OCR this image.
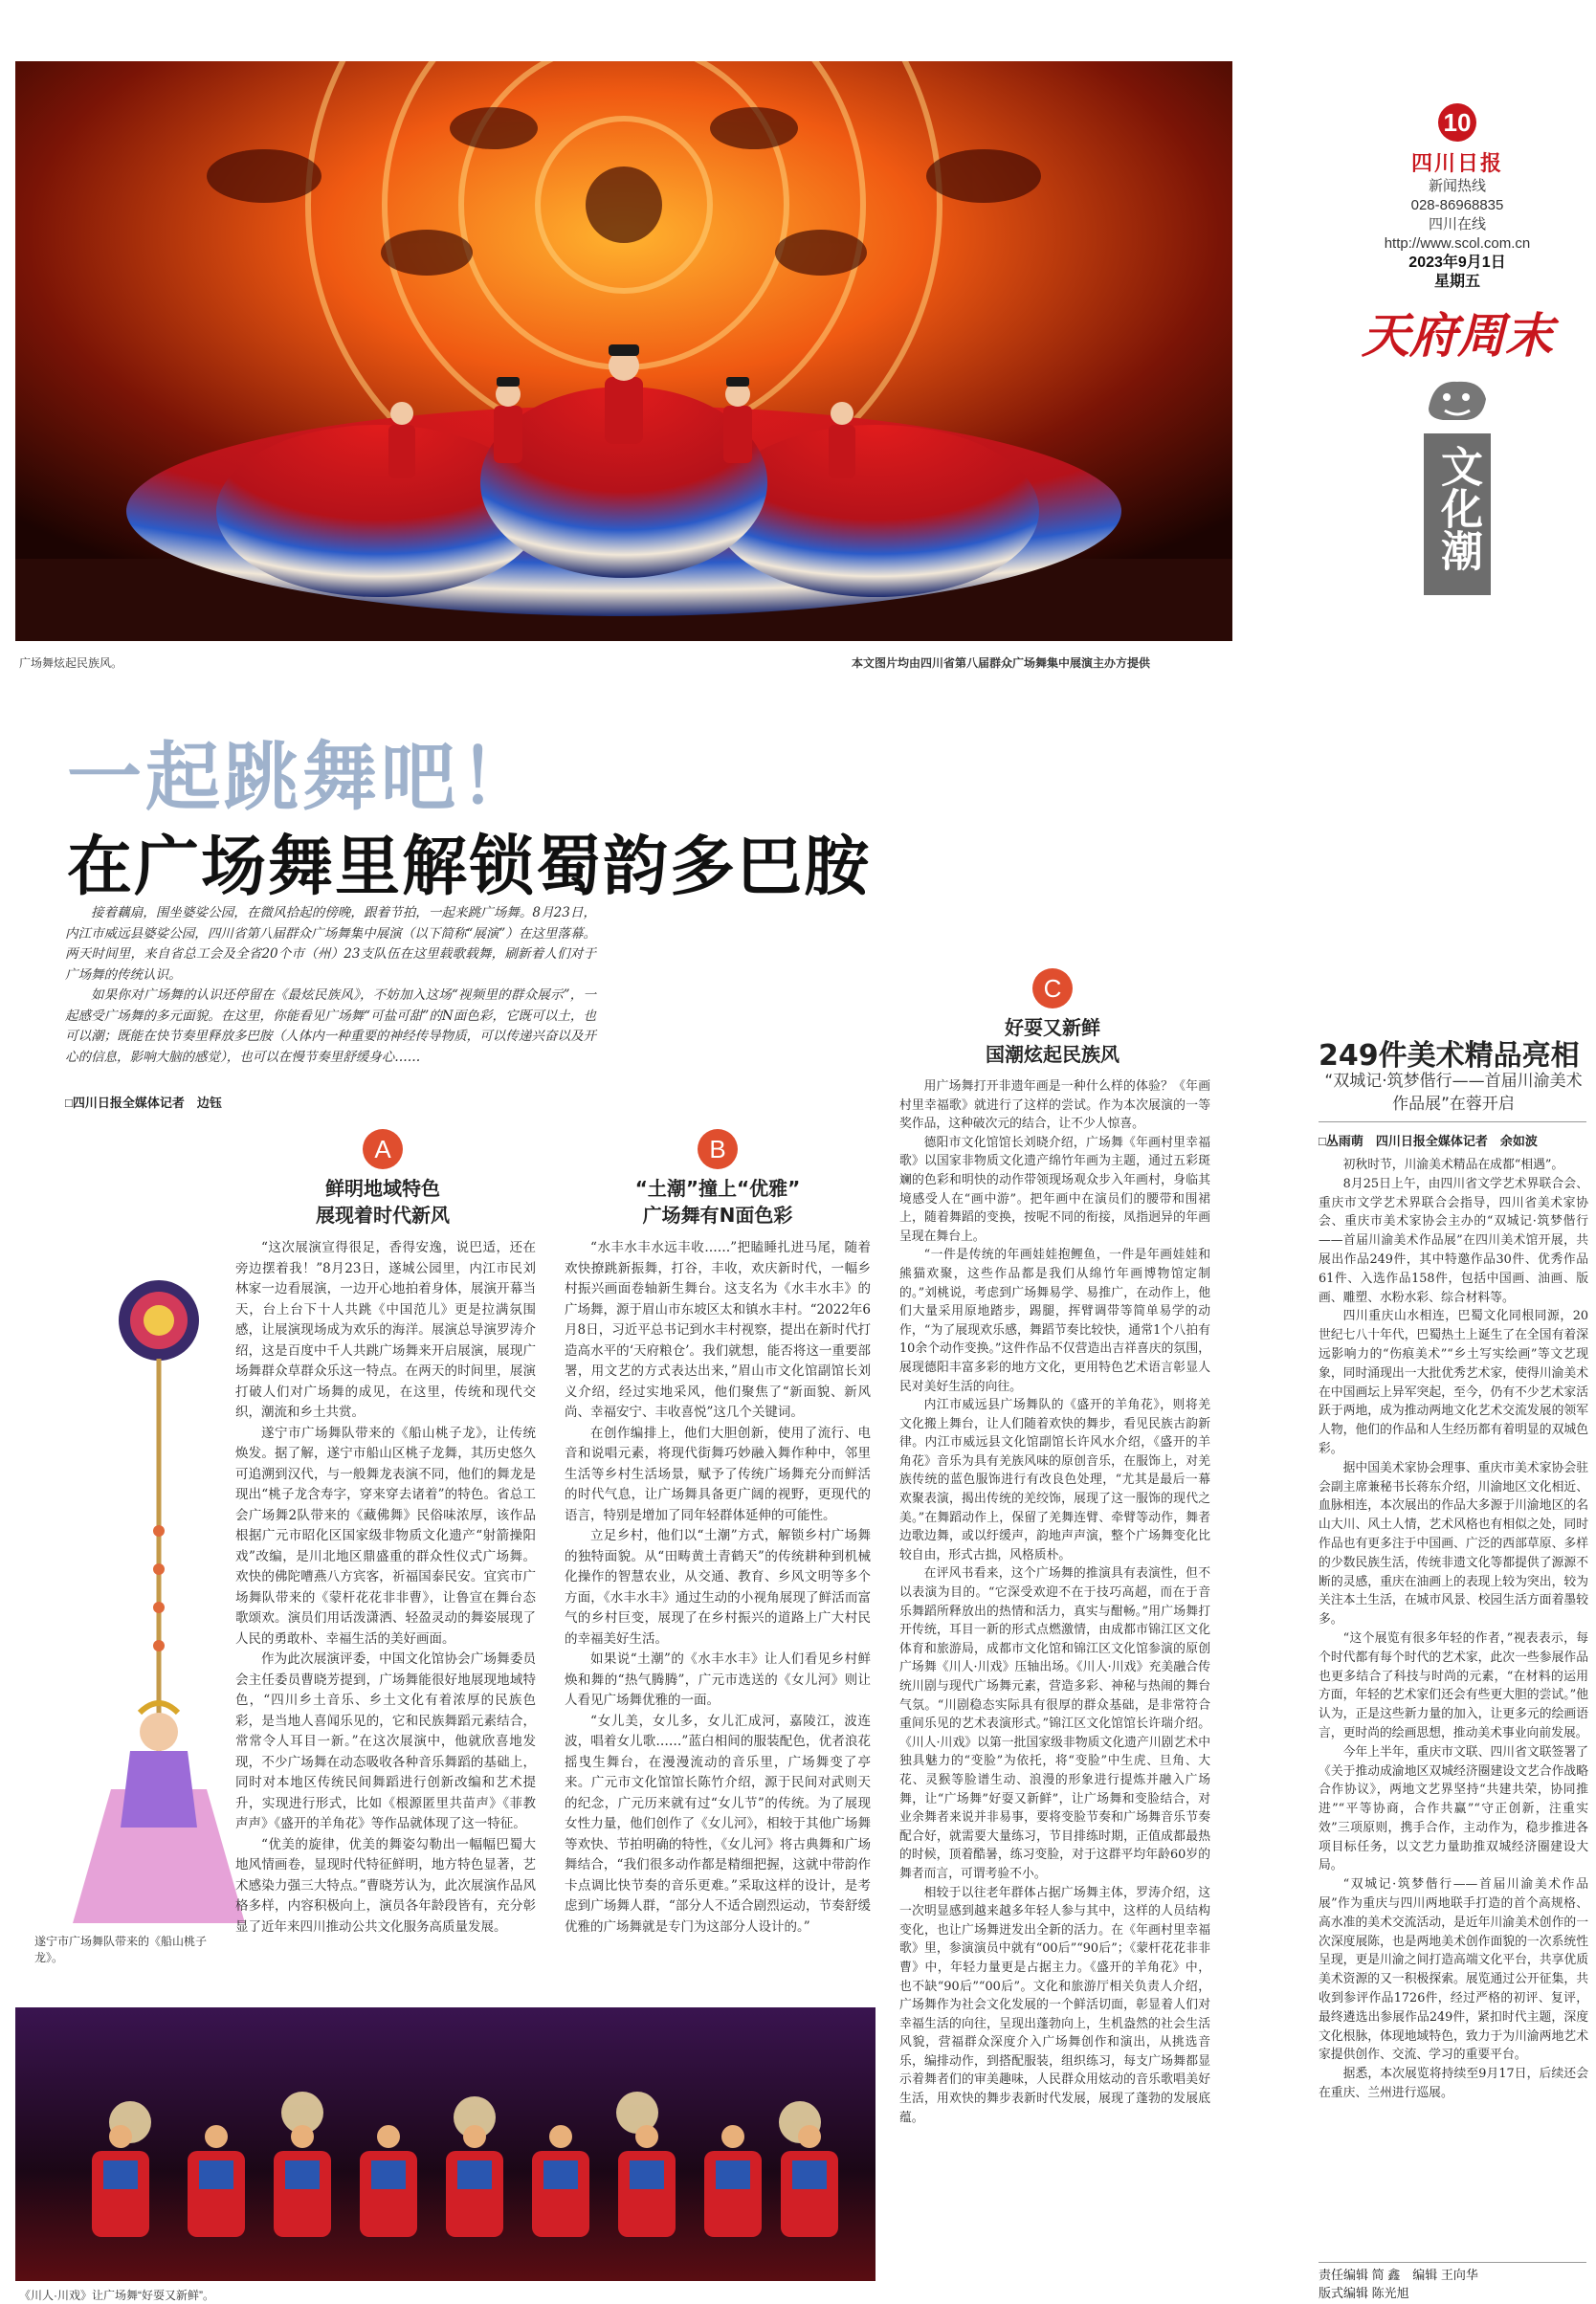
广场舞炫起民族风。	本文图片均由四川省第八届群众广场舞集中展演主办方提供
10
四川日报
新闻热线
028-86968835
四川在线
http://www.scol.com.cn
2023年9月1日
星期五
天府周末
文化潮
一起跳舞吧！
在广场舞里解锁蜀韵多巴胺

接着藕扇，围坐婆娑公园，在微风拾起的傍晚，跟着节拍，一起来跳广场舞。8月23日，内江市威远县婆娑公园，四川省第八届群众广场舞集中展演（以下简称“展演”）在这里落幕。两天时间里，来自省总工会及全省20个市（州）23支队伍在这里载歌载舞，刷新着人们对于广场舞的传统认识。

如果你对广场舞的认识还停留在《最炫民族风》，不妨加入这场“视频里的群众展示”，一起感受广场舞的多元面貌。在这里，你能看见广场舞“可盐可甜”的N面色彩，它既可以土，也可以潮；既能在快节奏里释放多巴胺（人体内一种重要的神经传导物质，可以传递兴奋以及开心的信息，影响大脑的感觉），也可以在慢节奏里舒缓身心……

□四川日报全媒体记者　边钰
A
鲜明地域特色
展现着时代新风
遂宁市广场舞队带来的《船山桃子龙》。

“这次展演宣得很足，香得安逸，说巴适，还在旁边摆着我！”8月23日，遂城公园里，内江市民刘林家一边看展演，一边开心地拍着身体，展演开幕当天，台上台下十人共跳《中国范儿》更是拉满氛围感，让展演现场成为欢乐的海洋。展演总导演罗涛介绍，这是百度中千人共跳广场舞来开启展演，展现广场舞群众草群众乐这一特点。在两天的时间里，展演打破人们对广场舞的成见，在这里，传统和现代交织，潮流和乡土共赏。

遂宁市广场舞队带来的《船山桃子龙》，让传统焕发。据了解，遂宁市船山区桃子龙舞，其历史悠久可追溯到汉代，与一般舞龙表演不同，他们的舞龙是现出“桃子龙含寿字，穿来穿去诸着”的特色。省总工会广场舞2队带来的《藏佛舞》民俗味浓厚，该作品根据广元市昭化区国家级非物质文化遗产“射箭操阳戏”改编，是川北地区鼎盛重的群众性仪式广场舞。欢快的佛陀嘈燕八方宾客，祈福国泰民安。宜宾市广场舞队带来的《蒙杆花花非非曹》，让鲁宣在舞台态歌颂欢。演员们用话泼潇洒、轻盈灵动的舞姿展现了人民的勇敢朴、幸福生活的美好画面。

作为此次展演评委，中国文化馆协会广场舞委员会主任委员曹晓芳提到，广场舞能很好地展现地域特色，“四川乡土音乐、乡土文化有着浓厚的民族色彩，是当地人喜闻乐见的，它和民族舞蹈元素结合，常常令人耳目一新。”在这次展演中，他就欣喜地发现，不少广场舞在动态吸收各种音乐舞蹈的基础上，同时对本地区传统民间舞蹈进行创新改编和艺术提升，实现进行形式，比如《根源匿里共苗声》《菲教声声》《盛开的羊角花》等作品就体现了这一特征。

“优美的旋律，优美的舞姿勾勒出一幅幅巴蜀大地风情画卷，显现时代特征鲜明，地方特色显著，艺术感染力强三大特点。”曹晓芳认为，此次展演作品风格多样，内容积极向上，演员各年龄段皆有，充分彰显了近年来四川推动公共文化服务高质量发展。

B
“土潮”撞上“优雅”
广场舞有N面色彩

“水丰水丰水远丰收……”把瞌睡扎进马尾，随着欢快撩跳新振舞，打谷，丰收，欢庆新时代，一幅乡村振兴画面卷轴新生舞台。这支名为《水丰水丰》的广场舞，源于眉山市东坡区太和镇水丰村。“2022年6月8日，习近平总书记到水丰村视察，提出在新时代打造高水平的‘天府粮仓’。我们就想，能否将这一重要部署，用文艺的方式表达出来，”眉山市文化馆副馆长刘义介绍，经过实地采风，他们聚焦了“新面貌、新风尚、幸福安宁、丰收喜悦”这几个关键词。

在创作编排上，他们大胆创新，使用了流行、电音和说唱元素，将现代街舞巧妙融入舞作种中，邻里生活等乡村生活场景，赋予了传统广场舞充分而鲜活的时代气息，让广场舞具备更广阔的视野，更现代的语言，特别是增加了同年轻群体延伸的可能性。

立足乡村，他们以“土潮”方式，解锁乡村广场舞的独特面貌。从“田畴黄土青鹤天”的传统耕种到机械化操作的智慧农业，从交通、教育、乡风文明等多个方面，《水丰水丰》通过生动的小视角展现了鲜活而富气的乡村巨变，展现了在乡村振兴的道路上广大村民的幸福美好生活。

如果说“土潮”的《水丰水丰》让人们看见乡村鲜焕和舞的“热气腾腾”，广元市选送的《女儿河》则让人看见广场舞优雅的一面。

“女儿美，女儿多，女儿汇成河，嘉陵江，波连波，唱着女儿歌……”蓝白相间的服装配色，优者浪花摇曳生舞台，在漫漫流动的音乐里，广场舞变了亭来。广元市文化馆馆长陈竹介绍，源于民间对武则天的纪念，广元历来就有过“女儿节”的传统。为了展现女性力量，他们创作了《女儿河》，相较于其他广场舞等欢快、节拍明确的特性，《女儿河》将古典舞和广场舞结合，“我们很多动作都是精细把握，这就中带韵作卡点调比快节奏的音乐更难。”采取这样的设计，是考虑到广场舞人群，“部分人不适合剧烈运动，节奏舒缓优雅的广场舞就是专门为这部分人设计的。”

C
好耍又新鲜
国潮炫起民族风

用广场舞打开非遗年画是一种什么样的体验？《年画村里幸福歌》就进行了这样的尝试。作为本次展演的一等奖作品，这种破次元的结合，让不少人惊喜。

德阳市文化馆馆长刘晓介绍，广场舞《年画村里幸福歌》以国家非物质文化遗产绵竹年画为主题，通过五彩斑斓的色彩和明快的动作带领现场观众步入年画村，身临其境感受人在“画中游”。把年画中在演员们的腰带和围裙上，随着舞蹈的变换，按呢不同的衔接，凤指迥异的年画呈现在舞台上。

“一件是传统的年画娃娃抱鲤鱼，一件是年画娃娃和熊猫欢聚，这些作品都是我们从绵竹年画博物馆定制的。”刘桃说，考虑到广场舞易学、易推广，在动作上，他们大量采用原地踏步，踢腿，挥臂调带等简单易学的动作，“为了展现欢乐感，舞蹈节奏比较快，通常1个八拍有10余个动作变换。”这件作品不仅营造出吉祥喜庆的氛围，展现德阳丰富多彩的地方文化，更用特色艺术语言彰显人民对美好生活的向往。

内江市威远县广场舞队的《盛开的羊角花》，则将羌文化搬上舞台，让人们随着欢快的舞步，看见民族古韵新律。内江市威远县文化馆副馆长许风水介绍，《盛开的羊角花》音乐为具有羌族风味的原创音乐，在服饰上，对羌族传统的蓝色服饰进行有改良色处理，“尤其是最后一幕欢聚表演，揭出传统的羌绞饰，展现了这一服饰的现代之美。”在舞蹈动作上，保留了羌舞连臂、牵臂等动作，舞者边歌边舞，或以纡缓声，韵地声声演，整个广场舞变化比较自由，形式古拙，风格质朴。

在评风书看来，这个广场舞的推演具有表演性，但不以表演为目的。“它深受欢迎不在于技巧高超，而在于音乐舞蹈所释放出的热情和活力，真实与酣畅。”用广场舞打开传统，耳目一新的形式点燃激情，由成都市锦江区文化体育和旅游局，成都市文化馆和锦江区文化馆参演的原创广场舞《川人·川戏》压轴出场。《川人·川戏》充美融合传统川剧与现代广场舞元素，营造多彩、神秘与热闹的舞台气氛。“川剧稳态实际具有很厚的群众基础，是非常符合重间乐见的艺术表演形式。”锦江区文化馆馆长许瑞介绍。《川人·川戏》以第一批国家级非物质文化遗产川剧艺术中独具魅力的“变脸”为依托，将“变脸”中生虎、旦角、大花、灵猴等脸谱生动、浪漫的形象进行提炼并融入广场舞，让“广场舞”好耍又新鲜”，让广场舞和变脸结合，对业余舞者来说并非易事，要将变脸节奏和广场舞音乐节奏配合好，就需要大量练习，节目排练时期，正值成都最热的时候，顶着酷暑，练习变脸，对于这群平均年龄60岁的舞者而言，可谓考验不小。

相较于以往老年群体占据广场舞主体，罗涛介绍，这一次明显感到越来越多年轻人参与其中，这样的人员结构变化，也让广场舞迸发出全新的活力。在《年画村里幸福歌》里，参演演员中就有“00后”“90后”；《蒙杆花花非非曹》中，年轻力量更是占据主力。《盛开的羊角花》中，也不缺“90后”“00后”。文化和旅游厅相关负责人介绍，广场舞作为社会文化发展的一个鲜活切面，彰显着人们对幸福生活的向往，呈现出蓬勃向上，生机盎然的社会生活风貌，营福群众深度介入广场舞创作和演出，从挑选音乐，编排动作，到搭配服装，组织练习，每支广场舞都显示着舞者们的审美趣味，人民群众用炫动的音乐歌唱美好生活，用欢快的舞步表新时代发展，展现了蓬勃的发展底蕴。

《川人·川戏》让广场舞“好耍又新鲜”。
249件美术精品亮相
“双城记·筑梦偕行——首届川渝美术作品展”在蓉开启
□丛雨萌　四川日报全媒体记者　余如波

初秋时节，川渝美术精品在成都“相遇”。

8月25日上午，由四川省文学艺术界联合会、重庆市文学艺术界联合会指导，四川省美术家协会、重庆市美术家协会主办的“双城记·筑梦偕行——首届川渝美术作品展”在四川美术馆开展，共展出作品249件，其中特邀作品30件、优秀作品61件、入选作品158件，包括中国画、油画、版画、雕塑、水粉水彩、综合材料等。

四川重庆山水相连，巴蜀文化同根同源，20世纪七八十年代，巴蜀热土上诞生了在全国有着深远影响力的“伤痕美术”“乡土写实绘画”等文艺现象，同时涌现出一大批优秀艺术家，使得川渝美术在中国画坛上异军突起，至今，仍有不少艺术家活跃于两地，成为推动两地文化艺术交流发展的领军人物，他们的作品和人生经历都有着明显的双城色彩。

据中国美术家协会理事、重庆市美术家协会驻会副主席兼秘书长蒋东介绍，川渝地区文化相近、血脉相连，本次展出的作品大多源于川渝地区的名山大川、风土人情，艺术风格也有相似之处，同时作品也有更多注于中国画、广泛的西部草原、多样的少数民族生活，传统非遗文化等都提供了源源不断的灵感，重庆在油画上的表现上较为突出，较为关注本土生活，在城市风景、校园生活方面着墨较多。

“这个展览有很多年轻的作者，”视表表示，每个时代都有每个时代的艺术家，此次一些参展作品也更多结合了科技与时尚的元素，“在材料的运用方面，年轻的艺术家们还会有些更大胆的尝试。”他认为，正是这些新力量的加入，让更多元的绘画语言，更时尚的绘画思想，推动美术事业向前发展。

今年上半年，重庆市文联、四川省文联签署了《关于推动成渝地区双城经济圈建设文艺合作战略合作协议》，两地文艺界坚持“共建共荣，协同推进”“平等协商，合作共赢”“守正创新，注重实效”三项原则，携手合作，主动作为，稳步推进各项目标任务，以文艺力量助推双城经济圈建设大局。

“双城记·筑梦偕行——首届川渝美术作品展”作为重庆与四川两地联手打造的首个高规格、高水准的美术交流活动，是近年川渝美术创作的一次深度展陈，也是两地美术创作面貌的一次系统性呈现，更是川渝之间打造高端文化平台，共享优质美术资源的又一积极探索。展览通过公开征集，共收到参评作品1726件，经过严格的初评、复评，最终遴选出参展作品249件，紧扣时代主题，深度文化根脉，体现地域特色，致力于为川渝两地艺术家提供创作、交流、学习的重要平台。

据悉，本次展览将持续至9月17日，后续还会在重庆、兰州进行巡展。

责任编辑 简 鑫　编辑 王向华
版式编辑 陈光旭
